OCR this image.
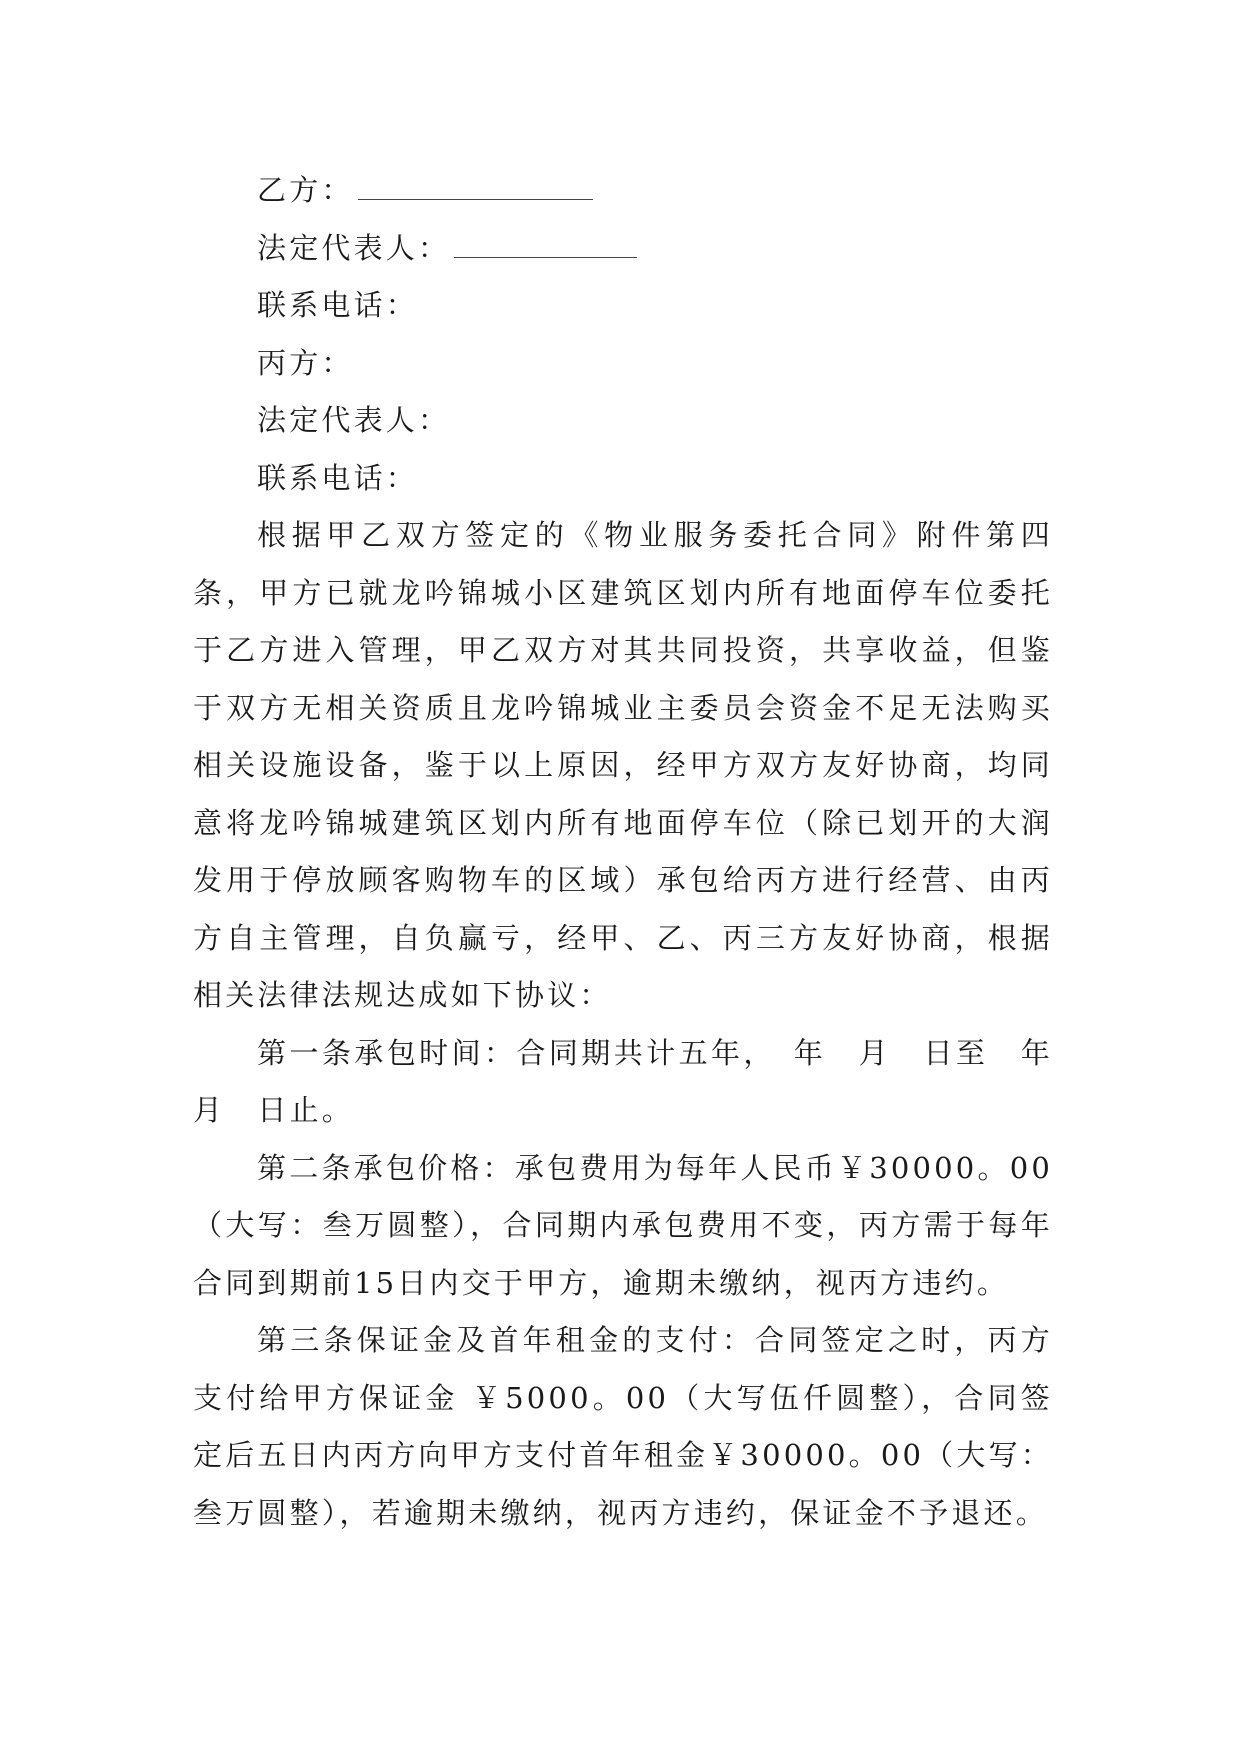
乙方：

法定代表人：

联系电话：

丙方：

法定代表人：

联系电话：

根据甲乙双方签定的《物业服务委托合同》附件第四条，甲方已就龙吟锦城小区建筑区划内所有地面停车位委托于乙方进入管理，甲乙双方对其共同投资，共享收益，但鉴于双方无相关资质且龙吟锦城业主委员会资金不足无法购买相关设施设备，鉴于以上原因，经甲方双方友好协商，均同意将龙吟锦城建筑区划内所有地面停车位（除已划开的大润发用于停放顾客购物车的区域）承包给丙方进行经营、由丙方自主管理，自负赢亏，经甲、乙、丙三方友好协商，根据相关法律法规达成如下协议：

第一条承包时间：合同期共计五年，　年　月　日至　年　月　日止。

第二条承包价格：承包费用为每年人民币￥30000。00（大写：叁万圆整），合同期内承包费用不变，丙方需于每年合同到期前15日内交于甲方，逾期未缴纳，视丙方违约。

第三条保证金及首年租金的支付：合同签定之时，丙方支付给甲方保证金 ￥5000。00（大写伍仟圆整），合同签定后五日内丙方向甲方支付首年租金￥30000。00（大写：叁万圆整），若逾期未缴纳，视丙方违约，保证金不予退还。
